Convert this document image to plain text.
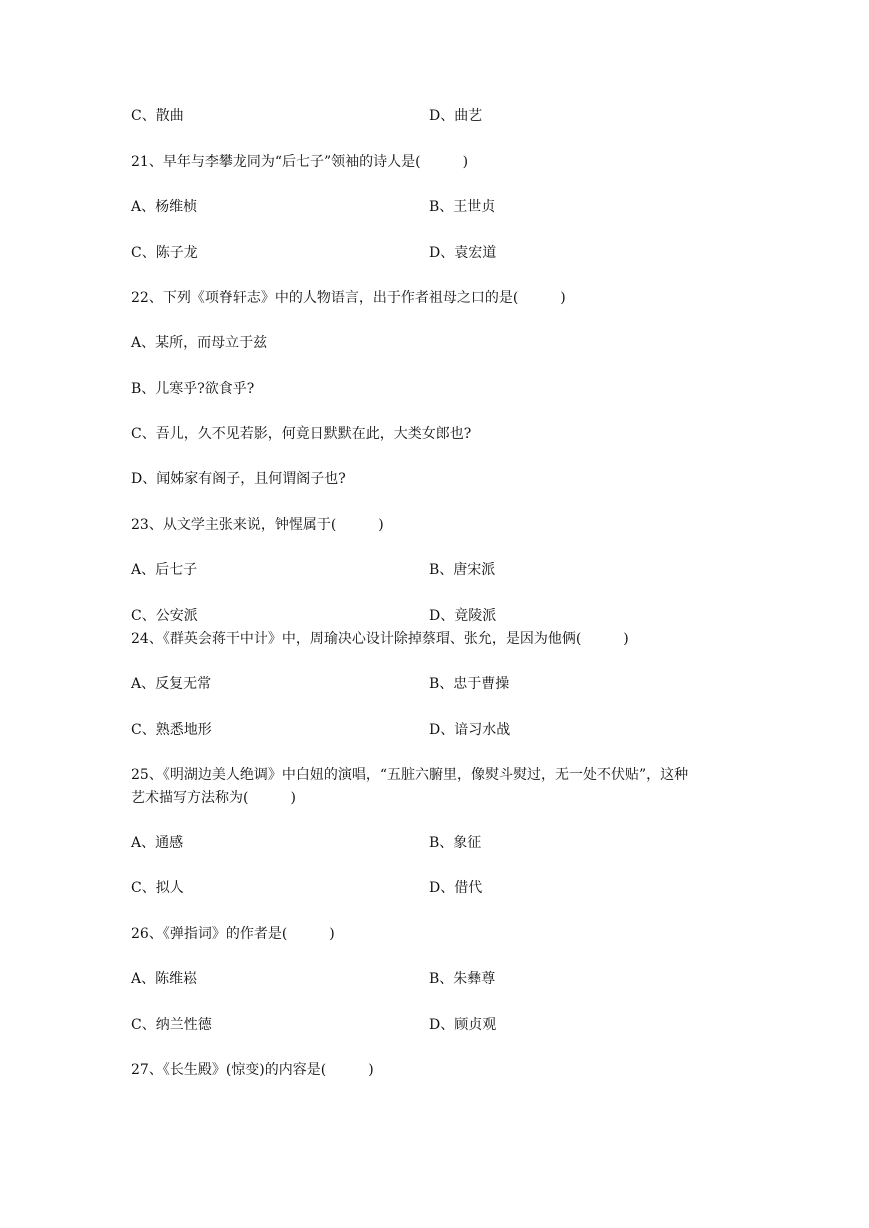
C、散曲	D、曲艺
21、早年与李攀龙同为“后七子”领袖的诗人是(　　　)
A、杨维桢	B、王世贞
C、陈子龙	D、袁宏道
22、下列《项脊轩志》中的人物语言，出于作者祖母之口的是(　　　)
A、某所，而母立于兹
B、儿寒乎?欲食乎?
C、吾儿，久不见若影，何竟日默默在此，大类女郎也?
D、闻姊家有阁子，且何谓阁子也?
23、从文学主张来说，钟惺属于(　　　)
A、后七子	B、唐宋派
C、公安派	D、竟陵派
24、《群英会蒋干中计》中，周瑜决心设计除掉蔡瑁、张允，是因为他俩(　　　)
A、反复无常	B、忠于曹操
C、熟悉地形	D、谙习水战
25、《明湖边美人绝调》中白妞的演唱，“五脏六腑里，像熨斗熨过，无一处不伏贴”，这种
艺术描写方法称为(　　　)
A、通感	B、象征
C、拟人	D、借代
26、《弹指词》的作者是(　　　)
A、陈维崧	B、朱彝尊
C、纳兰性德	D、顾贞观
27、《长生殿》(惊变)的内容是(　　　)
